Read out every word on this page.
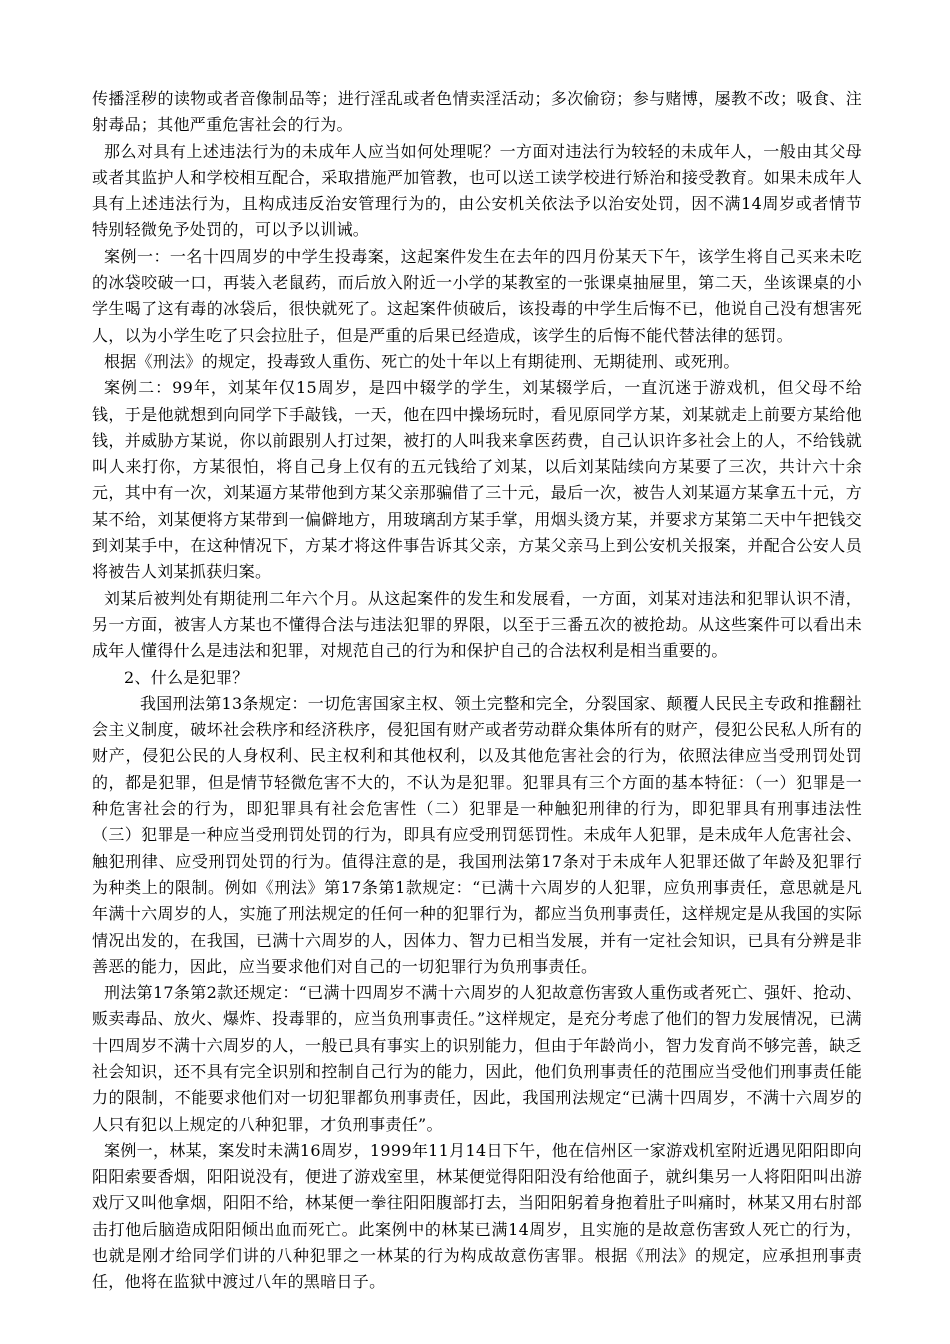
传播淫秽的读物或者音像制品等；进行淫乱或者色情卖淫活动；多次偷窃；参与赌博，屡教不改；吸食、注射毒品；其他严重危害社会的行为。

那么对具有上述违法行为的未成年人应当如何处理呢？一方面对违法行为较轻的未成年人，一般由其父母或者其监护人和学校相互配合，采取措施严加管教，也可以送工读学校进行矫治和接受教育。如果未成年人具有上述违法行为，且构成违反治安管理行为的，由公安机关依法予以治安处罚，因不满14周岁或者情节特别轻微免予处罚的，可以予以训诫。

案例一：一名十四周岁的中学生投毒案，这起案件发生在去年的四月份某天下午，该学生将自己买来未吃的冰袋咬破一口，再装入老鼠药，而后放入附近一小学的某教室的一张课桌抽屉里，第二天，坐该课桌的小学生喝了这有毒的冰袋后，很快就死了。这起案件侦破后，该投毒的中学生后悔不已，他说自己没有想害死人，以为小学生吃了只会拉肚子，但是严重的后果已经造成，该学生的后悔不能代替法律的惩罚。

根据《刑法》的规定，投毒致人重伤、死亡的处十年以上有期徒刑、无期徒刑、或死刑。

案例二：99年，刘某年仅15周岁，是四中辍学的学生，刘某辍学后，一直沉迷于游戏机，但父母不给钱，于是他就想到向同学下手敲钱，一天，他在四中操场玩时，看见原同学方某，刘某就走上前要方某给他钱，并威胁方某说，你以前跟别人打过架，被打的人叫我来拿医药费，自己认识许多社会上的人，不给钱就叫人来打你，方某很怕，将自己身上仅有的五元钱给了刘某，以后刘某陆续向方某要了三次，共计六十余元，其中有一次，刘某逼方某带他到方某父亲那骗借了三十元，最后一次，被告人刘某逼方某拿五十元，方某不给，刘某便将方某带到一偏僻地方，用玻璃刮方某手掌，用烟头烫方某，并要求方某第二天中午把钱交到刘某手中，在这种情况下，方某才将这件事告诉其父亲，方某父亲马上到公安机关报案，并配合公安人员将被告人刘某抓获归案。

刘某后被判处有期徒刑二年六个月。从这起案件的发生和发展看，一方面，刘某对违法和犯罪认识不清，另一方面，被害人方某也不懂得合法与违法犯罪的界限，以至于三番五次的被抢劫。从这些案件可以看出未成年人懂得什么是违法和犯罪，对规范自己的行为和保护自己的合法权利是相当重要的。

2、什么是犯罪？

我国刑法第13条规定：一切危害国家主权、领土完整和完全，分裂国家、颠覆人民民主专政和推翻社会主义制度，破坏社会秩序和经济秩序，侵犯国有财产或者劳动群众集体所有的财产，侵犯公民私人所有的财产，侵犯公民的人身权利、民主权利和其他权利，以及其他危害社会的行为，依照法律应当受刑罚处罚的，都是犯罪，但是情节轻微危害不大的，不认为是犯罪。犯罪具有三个方面的基本特征：（一）犯罪是一种危害社会的行为，即犯罪具有社会危害性（二）犯罪是一种触犯刑律的行为，即犯罪具有刑事违法性（三）犯罪是一种应当受刑罚处罚的行为，即具有应受刑罚惩罚性。未成年人犯罪，是未成年人危害社会、触犯刑律、应受刑罚处罚的行为。值得注意的是，我国刑法第17条对于未成年人犯罪还做了年龄及犯罪行为种类上的限制。例如《刑法》第17条第1款规定：“已满十六周岁的人犯罪，应负刑事责任，意思就是凡年满十六周岁的人，实施了刑法规定的任何一种的犯罪行为，都应当负刑事责任，这样规定是从我国的实际情况出发的，在我国，已满十六周岁的人，因体力、智力已相当发展，并有一定社会知识，已具有分辨是非善恶的能力，因此，应当要求他们对自己的一切犯罪行为负刑事责任。

刑法第17条第2款还规定：“已满十四周岁不满十六周岁的人犯故意伤害致人重伤或者死亡、强奸、抢动、贩卖毒品、放火、爆炸、投毒罪的，应当负刑事责任。”这样规定，是充分考虑了他们的智力发展情况，已满十四周岁不满十六周岁的人，一般已具有事实上的识别能力，但由于年龄尚小，智力发育尚不够完善，缺乏社会知识，还不具有完全识别和控制自己行为的能力，因此，他们负刑事责任的范围应当受他们刑事责任能力的限制，不能要求他们对一切犯罪都负刑事责任，因此，我国刑法规定“已满十四周岁，不满十六周岁的人只有犯以上规定的八种犯罪，才负刑事责任”。

案例一，林某，案发时未满16周岁，1999年11月14日下午，他在信州区一家游戏机室附近遇见阳阳即向阳阳索要香烟，阳阳说没有，便进了游戏室里，林某便觉得阳阳没有给他面子，就纠集另一人将阳阳叫出游戏厅又叫他拿烟，阳阳不给，林某便一拳往阳阳腹部打去，当阳阳躬着身抱着肚子叫痛时，林某又用右肘部击打他后脑造成阳阳倾出血而死亡。此案例中的林某已满14周岁，且实施的是故意伤害致人死亡的行为，也就是刚才给同学们讲的八种犯罪之一林某的行为构成故意伤害罪。根据《刑法》的规定，应承担刑事责任，他将在监狱中渡过八年的黑暗日子。
